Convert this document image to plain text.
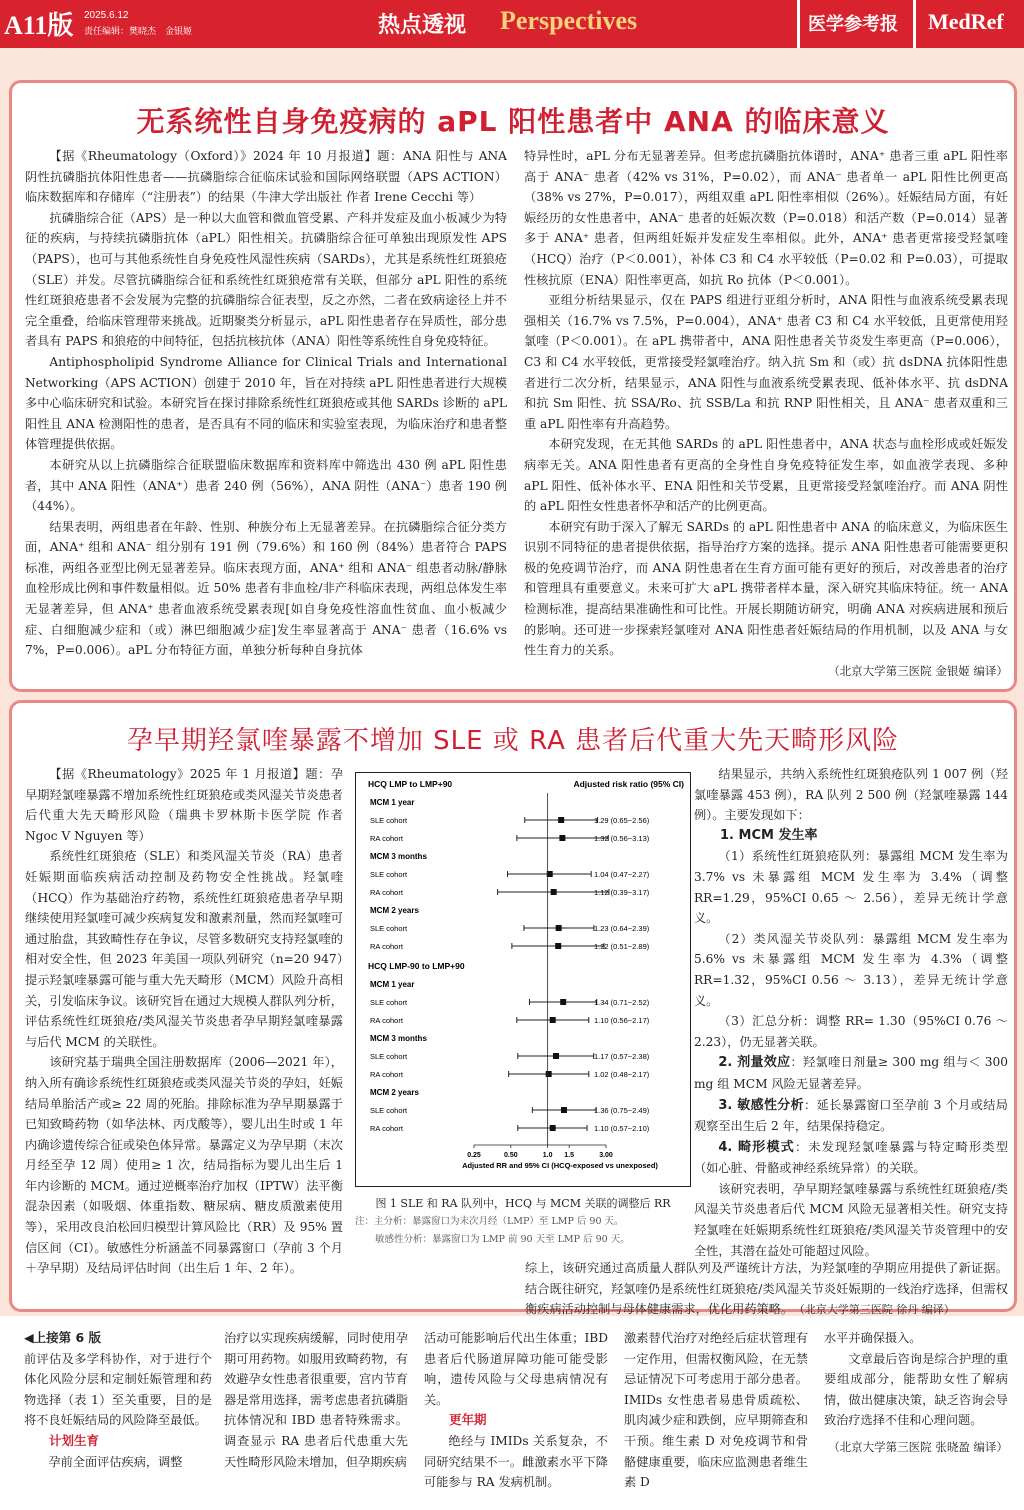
A11版 2025.6.12
责任编辑：樊晓杰　金银姬	热点透视 Perspectives	医学参考报 MedRef
无系统性自身免疫病的 aPL 阳性患者中 ANA 的临床意义

【据《Rheumatology（Oxford）》2024 年 10 月报道】题：ANA 阳性与 ANA 阴性抗磷脂抗体阳性患者——抗磷脂综合征临床试验和国际网络联盟（APS ACTION）临床数据库和存储库（“注册表”）的结果（牛津大学出版社 作者 Irene Cecchi 等）

抗磷脂综合征（APS）是一种以大血管和微血管受累、产科并发症及血小板减少为特征的疾病，与持续抗磷脂抗体（aPL）阳性相关。抗磷脂综合征可单独出现原发性 APS（PAPS），也可与其他系统性自身免疫性风湿性疾病（SARDs），尤其是系统性红斑狼疮（SLE）并发。尽管抗磷脂综合征和系统性红斑狼疮常有关联，但部分 aPL 阳性的系统性红斑狼疮患者不会发展为完整的抗磷脂综合征表型，反之亦然，二者在致病途径上并不完全重叠，给临床管理带来挑战。近期聚类分析显示，aPL 阳性患者存在异质性，部分患者具有 PAPS 和狼疮的中间特征，包括抗核抗体（ANA）阳性等系统性自身免疫特征。

Antiphospholipid Syndrome Alliance for Clinical Trials and International Networking（APS ACTION）创建于 2010 年，旨在对持续 aPL 阳性患者进行大规模多中心临床研究和试验。本研究旨在探讨排除系统性红斑狼疮或其他 SARDs 诊断的 aPL 阳性且 ANA 检测阳性的患者，是否具有不同的临床和实验室表现，为临床治疗和患者整体管理提供依据。

本研究从以上抗磷脂综合征联盟临床数据库和资料库中筛选出 430 例 aPL 阳性患者，其中 ANA 阳性（ANA⁺）患者 240 例（56%），ANA 阴性（ANA⁻）患者 190 例（44%）。

结果表明，两组患者在年龄、性别、种族分布上无显著差异。在抗磷脂综合征分类方面，ANA⁺ 组和 ANA⁻ 组分别有 191 例（79.6%）和 160 例（84%）患者符合 PAPS 标准，两组各亚型比例无显著差异。临床表现方面，ANA⁺ 组和 ANA⁻ 组患者动脉/静脉血栓形成比例和事件数量相似。近 50% 患者有非血栓/非产科临床表现，两组总体发生率无显著差异，但 ANA⁺ 患者血液系统受累表现[如自身免疫性溶血性贫血、血小板减少症、白细胞减少症和（或）淋巴细胞减少症]发生率显著高于 ANA⁻ 患者（16.6% vs 7%，P=0.006）。aPL 分布特征方面，单独分析每种自身抗体

特异性时，aPL 分布无显著差异。但考虑抗磷脂抗体谱时，ANA⁺ 患者三重 aPL 阳性率高于 ANA⁻ 患者（42% vs 31%，P=0.02），而 ANA⁻ 患者单一 aPL 阳性比例更高（38% vs 27%，P=0.017），两组双重 aPL 阳性率相似（26%）。妊娠结局方面，有妊娠经历的女性患者中，ANA⁻ 患者的妊娠次数（P=0.018）和活产数（P=0.014）显著多于 ANA⁺ 患者，但两组妊娠并发症发生率相似。此外，ANA⁺ 患者更常接受羟氯喹（HCQ）治疗（P＜0.001），补体 C3 和 C4 水平较低（P=0.02 和 P=0.03），可提取性核抗原（ENA）阳性率更高，如抗 Ro 抗体（P＜0.001）。

亚组分析结果显示，仅在 PAPS 组进行亚组分析时，ANA 阳性与血液系统受累表现强相关（16.7% vs 7.5%，P=0.004），ANA⁺ 患者 C3 和 C4 水平较低，且更常使用羟氯喹（P＜0.001）。在 aPL 携带者中，ANA 阳性患者关节炎发生率更高（P=0.006），C3 和 C4 水平较低，更常接受羟氯喹治疗。纳入抗 Sm 和（或）抗 dsDNA 抗体阳性患者进行二次分析，结果显示，ANA 阳性与血液系统受累表现、低补体水平、抗 dsDNA 和抗 Sm 阳性、抗 SSA/Ro、抗 SSB/La 和抗 RNP 阳性相关，且 ANA⁻ 患者双重和三重 aPL 阳性率有升高趋势。

本研究发现，在无其他 SARDs 的 aPL 阳性患者中，ANA 状态与血栓形成或妊娠发病率无关。ANA 阳性患者有更高的全身性自身免疫特征发生率，如血液学表现、多种 aPL 阳性、低补体水平、ENA 阳性和关节受累，且更常接受羟氯喹治疗。而 ANA 阴性的 aPL 阳性女性患者怀孕和活产的比例更高。

本研究有助于深入了解无 SARDs 的 aPL 阳性患者中 ANA 的临床意义，为临床医生识别不同特征的患者提供依据，指导治疗方案的选择。提示 ANA 阳性患者可能需要更积极的免疫调节治疗，而 ANA 阴性患者在生育方面可能有更好的预后，对改善患者的治疗和管理具有重要意义。未来可扩大 aPL 携带者样本量，深入研究其临床特征。统一 ANA 检测标准，提高结果准确性和可比性。开展长期随访研究，明确 ANA 对疾病进展和预后的影响。还可进一步探索羟氯喹对 ANA 阳性患者妊娠结局的作用机制，以及 ANA 与女性生育力的关系。

（北京大学第三医院 金银姬 编译）
孕早期羟氯喹暴露不增加 SLE 或 RA 患者后代重大先天畸形风险

【据《Rheumatology》2025 年 1 月报道】题：孕早期羟氯喹暴露不增加系统性红斑狼疮或类风湿关节炎患者后代重大先天畸形风险（瑞典卡罗林斯卡医学院 作者 Ngoc V Nguyen 等）

系统性红斑狼疮（SLE）和类风湿关节炎（RA）患者妊娠期面临疾病活动控制及药物安全性挑战。羟氯喹（HCQ）作为基础治疗药物，系统性红斑狼疮患者孕早期继续使用羟氯喹可减少疾病复发和激素剂量，然而羟氯喹可通过胎盘，其致畸性存在争议，尽管多数研究支持羟氯喹的相对安全性，但 2023 年美国一项队列研究（n=20 947）提示羟氯喹暴露可能与重大先天畸形（MCM）风险升高相关，引发临床争议。该研究旨在通过大规模人群队列分析，评估系统性红斑狼疮/类风湿关节炎患者孕早期羟氯喹暴露与后代 MCM 的关联性。

该研究基于瑞典全国注册数据库（2006—2021 年），纳入所有确诊系统性红斑狼疮或类风湿关节炎的孕妇，妊娠结局单胎活产或≥ 22 周的死胎。排除标准为孕早期暴露于已知致畸药物（如华法林、丙戊酸等），婴儿出生时或 1 年内确诊遗传综合征或染色体异常。暴露定义为孕早期（末次月经至孕 12 周）使用≥ 1 次，结局指标为婴儿出生后 1 年内诊断的 MCM。通过逆概率治疗加权（IPTW）法平衡混杂因素（如吸烟、体重指数、糖尿病、糖皮质激素使用等），采用改良泊松回归模型计算风险比（RR）及 95% 置信区间（CI）。敏感性分析涵盖不同暴露窗口（孕前 3 个月＋孕早期）及结局评估时间（出生后 1 年、2 年）。

HCQ LMP to LMP+90	Adjusted risk ratio (95% CI)
MCM 1 year
SLE cohort	1.29 (0.65−2.56)
RA cohort	1.32 (0.56−3.13)
MCM 3 months
SLE cohort	1.04 (0.47−2.27)
RA cohort	1.12 (0.39−3.17)
MCM 2 years
SLE cohort	1.23 (0.64−2.39)
RA cohort	1.22 (0.51−2.89)
HCQ LMP-90 to LMP+90
MCM 1 year
SLE cohort	1.34 (0.71−2.52)
RA cohort	1.10 (0.56−2.17)
MCM 3 months
SLE cohort	1.17 (0.57−2.38)
RA cohort	1.02 (0.48−2.17)
MCM 2 years
SLE cohort	1.36 (0.75−2.49)
RA cohort	1.10 (0.57−2.10)
0.25	0.50	1.0 1.5	3.00
Adjusted RR and 95% CI (HCQ-exposed vs unexposed)
图 1 SLE 和 RA 队列中，HCQ 与 MCM 关联的调整后 RR
注：主分析：暴露窗口为末次月经（LMP）至 LMP 后 90 天。
敏感性分析：暴露窗口为 LMP 前 90 天至 LMP 后 90 天。

结果显示，共纳入系统性红斑狼疮队列 1 007 例（羟氯喹暴露 453 例），RA 队列 2 500 例（羟氯喹暴露 144 例）。主要发现如下：

1. MCM 发生率

（1）系统性红斑狼疮队列：暴露组 MCM 发生率为 3.7% vs 未暴露组 MCM 发生率为 3.4%（调整 RR=1.29，95%CI 0.65 ～ 2.56），差异无统计学意义。

（2）类风湿关节炎队列：暴露组 MCM 发生率为 5.6% vs 未暴露组 MCM 发生率为 4.3%（调整 RR=1.32，95%CI 0.56 ～ 3.13），差异无统计学意义。

（3）汇总分析：调整 RR= 1.30（95%CI 0.76 ～ 2.23），仍无显著关联。

2. 剂量效应：羟氯喹日剂量≥ 300 mg 组与＜ 300 mg 组 MCM 风险无显著差异。

3. 敏感性分析：延长暴露窗口至孕前 3 个月或结局观察至出生后 2 年，结果保持稳定。

4. 畸形模式：未发现羟氯喹暴露与特定畸形类型（如心脏、骨骼或神经系统异常）的关联。

该研究表明，孕早期羟氯喹暴露与系统性红斑狼疮/类风湿关节炎患者后代 MCM 风险无显著相关性。研究支持羟氯喹在妊娠期系统性红斑狼疮/类风湿关节炎管理中的安全性，其潜在益处可能超过风险。

综上，该研究通过高质量人群队列及严谨统计方法，为羟氯喹的孕期应用提供了新证据。结合既往研究，羟氯喹仍是系统性红斑狼疮/类风湿关节炎妊娠期的一线治疗选择，但需权衡疾病活动控制与母体健康需求，优化用药策略。　 （北京大学第三医院 徐丹 编译）

◀上接第 6 版

前评估及多学科协作，对于进行个体化风险分层和定制妊娠管理和药物选择（表 1）至关重要，目的是将不良妊娠结局的风险降至最低。

计划生育

孕前全面评估疾病，调整

治疗以实现疾病缓解，同时使用孕期可用药物。如服用致畸药物，有效避孕女性患者很重要，宫内节育器是常用选择，需考虑患者抗磷脂抗体情况和 IBD 患者特殊需求。调查显示 RA 患者后代患重大先天性畸形风险未增加，但孕期疾病

活动可能影响后代出生体重；IBD 患者后代肠道屏障功能可能受影响，遗传风险与父母患病情况有关。

更年期

绝经与 IMIDs 关系复杂，不同研究结果不一。雌激素水平下降可能参与 RA 发病机制。

激素替代治疗对绝经后症状管理有一定作用，但需权衡风险，在无禁忌证情况下可考虑用于部分患者。IMIDs 女性患者易患骨质疏松、肌肉减少症和跌倒，应早期筛查和干预。维生素 D 对免疫调节和骨骼健康重要，临床应监测患者维生素 D

水平并确保摄入。

文章最后咨询是综合护理的重要组成部分，能帮助女性了解病情，做出健康决策，缺乏咨询会导致治疗选择不佳和心理问题。

（北京大学第三医院 张晓盈 编译）
